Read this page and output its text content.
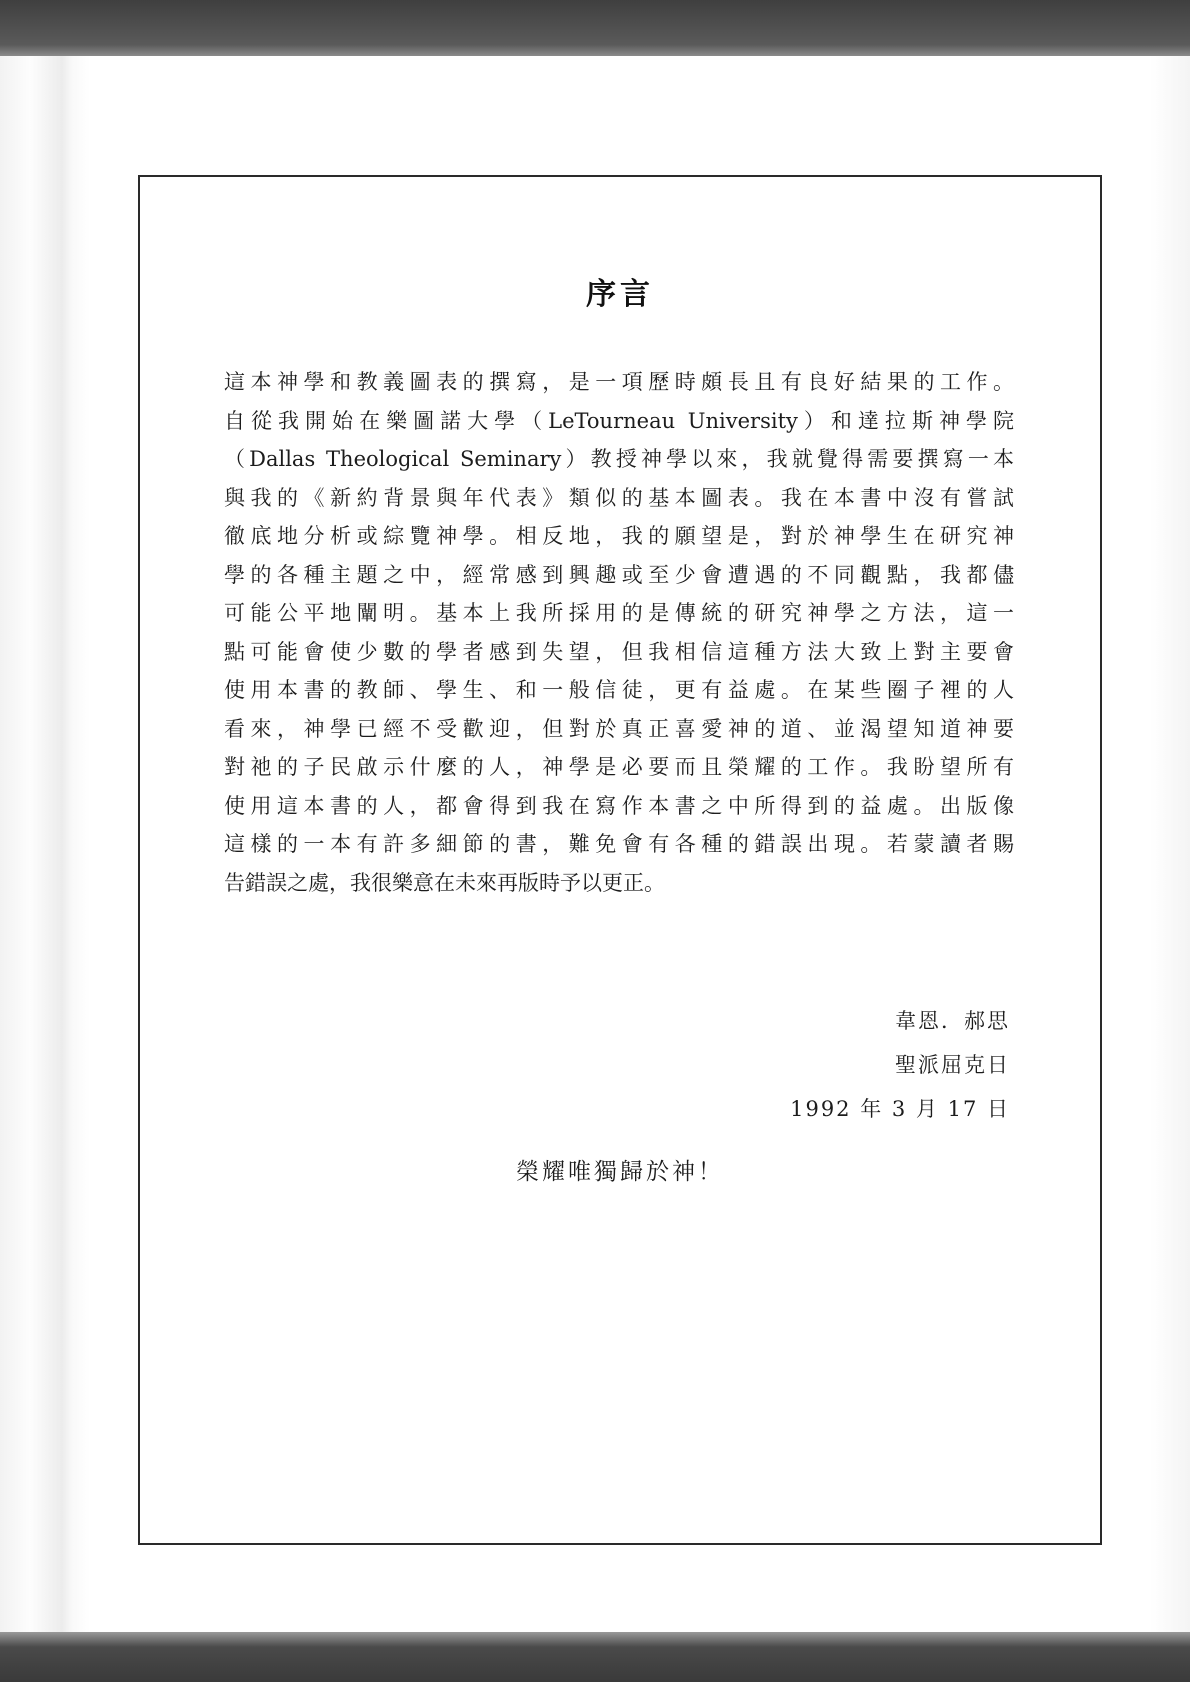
序言
這本神學和教義圖表的撰寫，是一項歷時頗長且有良好結果的工作。
自從我開始在樂圖諾大學（LeTourneau University）和達拉斯神學院
（Dallas Theological Seminary）教授神學以來，我就覺得需要撰寫一本
與我的《新約背景與年代表》類似的基本圖表。我在本書中沒有嘗試
徹底地分析或綜覽神學。相反地，我的願望是，對於神學生在研究神
學的各種主題之中，經常感到興趣或至少會遭遇的不同觀點，我都儘
可能公平地闡明。基本上我所採用的是傳統的研究神學之方法，這一
點可能會使少數的學者感到失望，但我相信這種方法大致上對主要會
使用本書的教師、學生、和一般信徒，更有益處。在某些圈子裡的人
看來，神學已經不受歡迎，但對於真正喜愛神的道、並渴望知道神要
對祂的子民啟示什麼的人，神學是必要而且榮耀的工作。我盼望所有
使用這本書的人，都會得到我在寫作本書之中所得到的益處。出版像
這樣的一本有許多細節的書，難免會有各種的錯誤出現。若蒙讀者賜
告錯誤之處，我很樂意在未來再版時予以更正。
韋恩．郝思
聖派屈克日
1992 年 3 月 17 日
榮耀唯獨歸於神！
